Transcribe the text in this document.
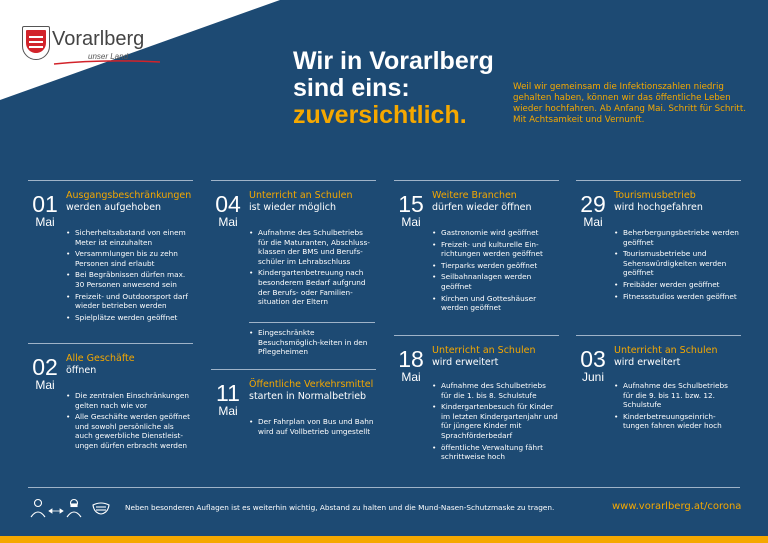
Vorarlberg
unser Land	Wir in Vorarlberg
sind eins:
zuversichtlich.
Weil wir gemeinsam die Infektionszahlen niedrig gehalten haben, können wir das öffentliche Leben wieder hochfahren. Ab Anfang Mai. Schritt für Schritt. Mit Achtsamkeit und Vernunft.
01
Mai
Ausgangsbeschränkungen
werden aufgehoben
• Sicherheitsabstand von einem Meter ist einzuhalten
• Versammlungen bis zu zehn Personen sind erlaubt
• Bei Begräbnissen dürfen max. 30 Personen anwesend sein
• Freizeit- und Outdoorsport darf wieder betrieben werden
• Spielplätze werden geöffnet
02
Mai
Alle Geschäfte
öffnen
• Die zentralen Einschränkungen gelten nach wie vor
• Alle Geschäfte werden geöffnet und sowohl persönliche als auch gewerbliche Dienstleist-ungen dürfen erbracht werden
04
Mai
Unterricht an Schulen
ist wieder möglich
• Aufnahme des Schulbetriebs für die Maturanten, Abschluss-klassen der BMS und Berufs-schüler im Lehrabschluss
• Kindergartenbetreuung nach besonderem Bedarf aufgrund der Berufs- oder Familien-situation der Eltern
• Eingeschränkte Besuchsmöglich-keiten in den Pflegeheimen
11
Mai
Öffentliche Verkehrsmittel
starten in Normalbetrieb
• Der Fahrplan von Bus und Bahn wird auf Vollbetrieb umgestellt
15
Mai
Weitere Branchen
dürfen wieder öffnen
• Gastronomie wird geöffnet
• Freizeit- und kulturelle Ein-richtungen werden geöffnet
• Tierparks werden geöffnet
• Seilbahnanlagen werden geöffnet
• Kirchen und Gotteshäuser werden geöffnet
18
Mai
Unterricht an Schulen
wird erweitert
• Aufnahme des Schulbetriebs für die 1. bis 8. Schulstufe
• Kindergartenbesuch für Kinder im letzten Kindergartenjahr und für jüngere Kinder mit Sprachförderbedarf
• öffentliche Verwaltung fährt schrittweise hoch
29
Mai
Tourismusbetrieb
wird hochgefahren
• Beherbergungsbetriebe werden geöffnet
• Tourismusbetriebe und Sehenswürdigkeiten werden geöffnet
• Freibäder werden geöffnet
• Fitnessstudios werden geöffnet
03
Juni
Unterricht an Schulen
wird erweitert
• Aufnahme des Schulbetriebs für die 9. bis 11. bzw. 12. Schulstufe
• Kinderbetreuungseinrich-tungen fahren wieder hoch
Neben besonderen Auflagen ist es weiterhin wichtig, Abstand zu halten und die Mund-Nasen-Schutzmaske zu tragen.	www.vorarlberg.at/corona
